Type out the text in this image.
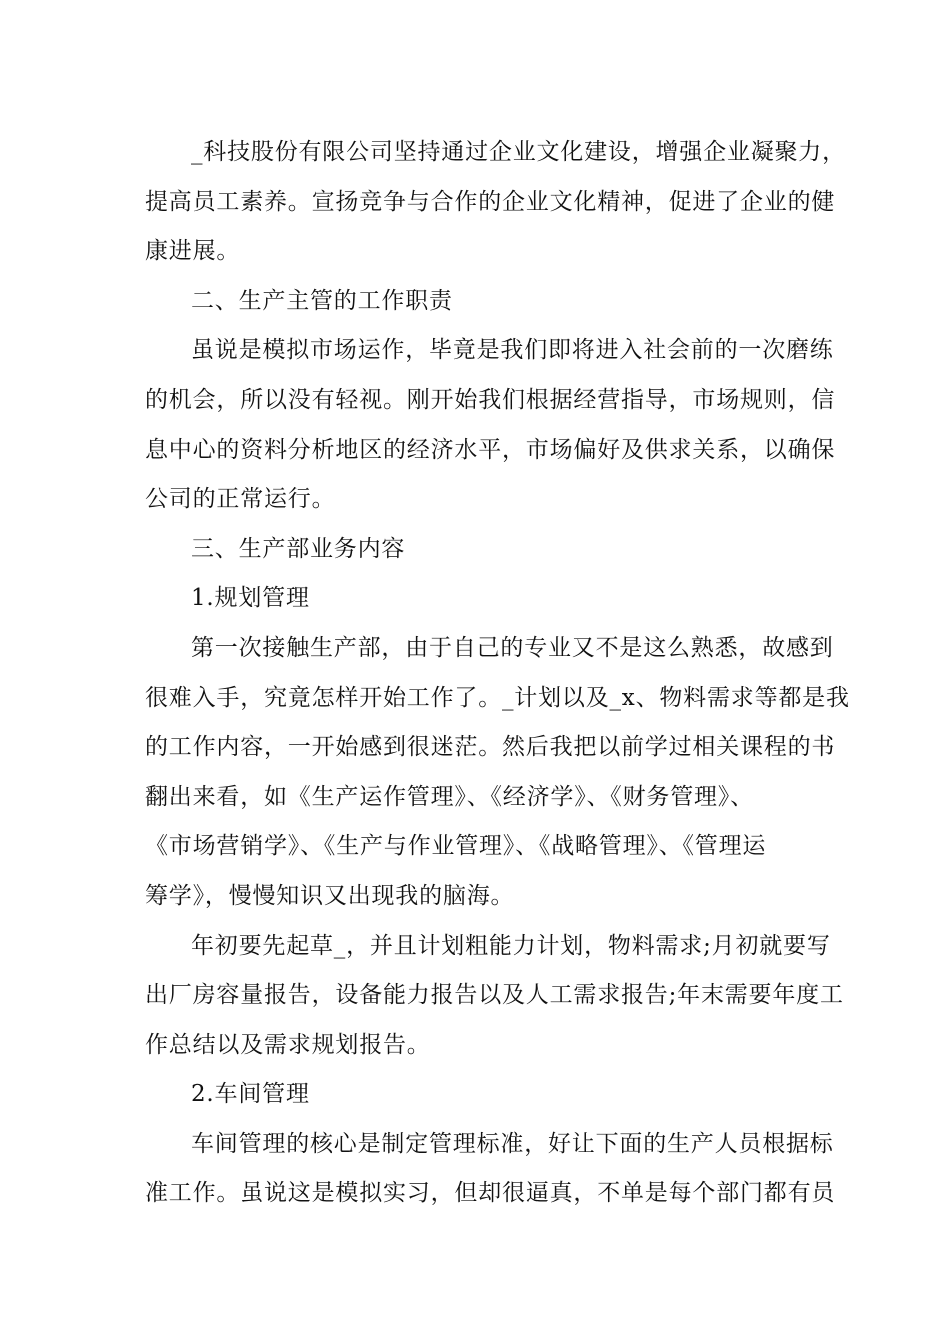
_科技股份有限公司坚持通过企业文化建设，增强企业凝聚力，
提高员工素养。宣扬竞争与合作的企业文化精神，促进了企业的健
康进展。
二、生产主管的工作职责
虽说是模拟市场运作，毕竟是我们即将进入社会前的一次磨练
的机会，所以没有轻视。刚开始我们根据经营指导，市场规则，信
息中心的资料分析地区的经济水平，市场偏好及供求关系，以确保
公司的正常运行。
三、生产部业务内容
1.规划管理
第一次接触生产部，由于自己的专业又不是这么熟悉，故感到
很难入手，究竟怎样开始工作了。_计划以及_x、物料需求等都是我
的工作内容，一开始感到很迷茫。然后我把以前学过相关课程的书
翻出来看，如《生产运作管理》、《经济学》、《财务管理》、
《市场营销学》、《生产与作业管理》、《战略管理》、《管理运
筹学》，慢慢知识又出现我的脑海。
年初要先起草_，并且计划粗能力计划，物料需求;月初就要写
出厂房容量报告，设备能力报告以及人工需求报告;年末需要年度工
作总结以及需求规划报告。
2.车间管理
车间管理的核心是制定管理标准，好让下面的生产人员根据标
准工作。虽说这是模拟实习，但却很逼真，不单是每个部门都有员
